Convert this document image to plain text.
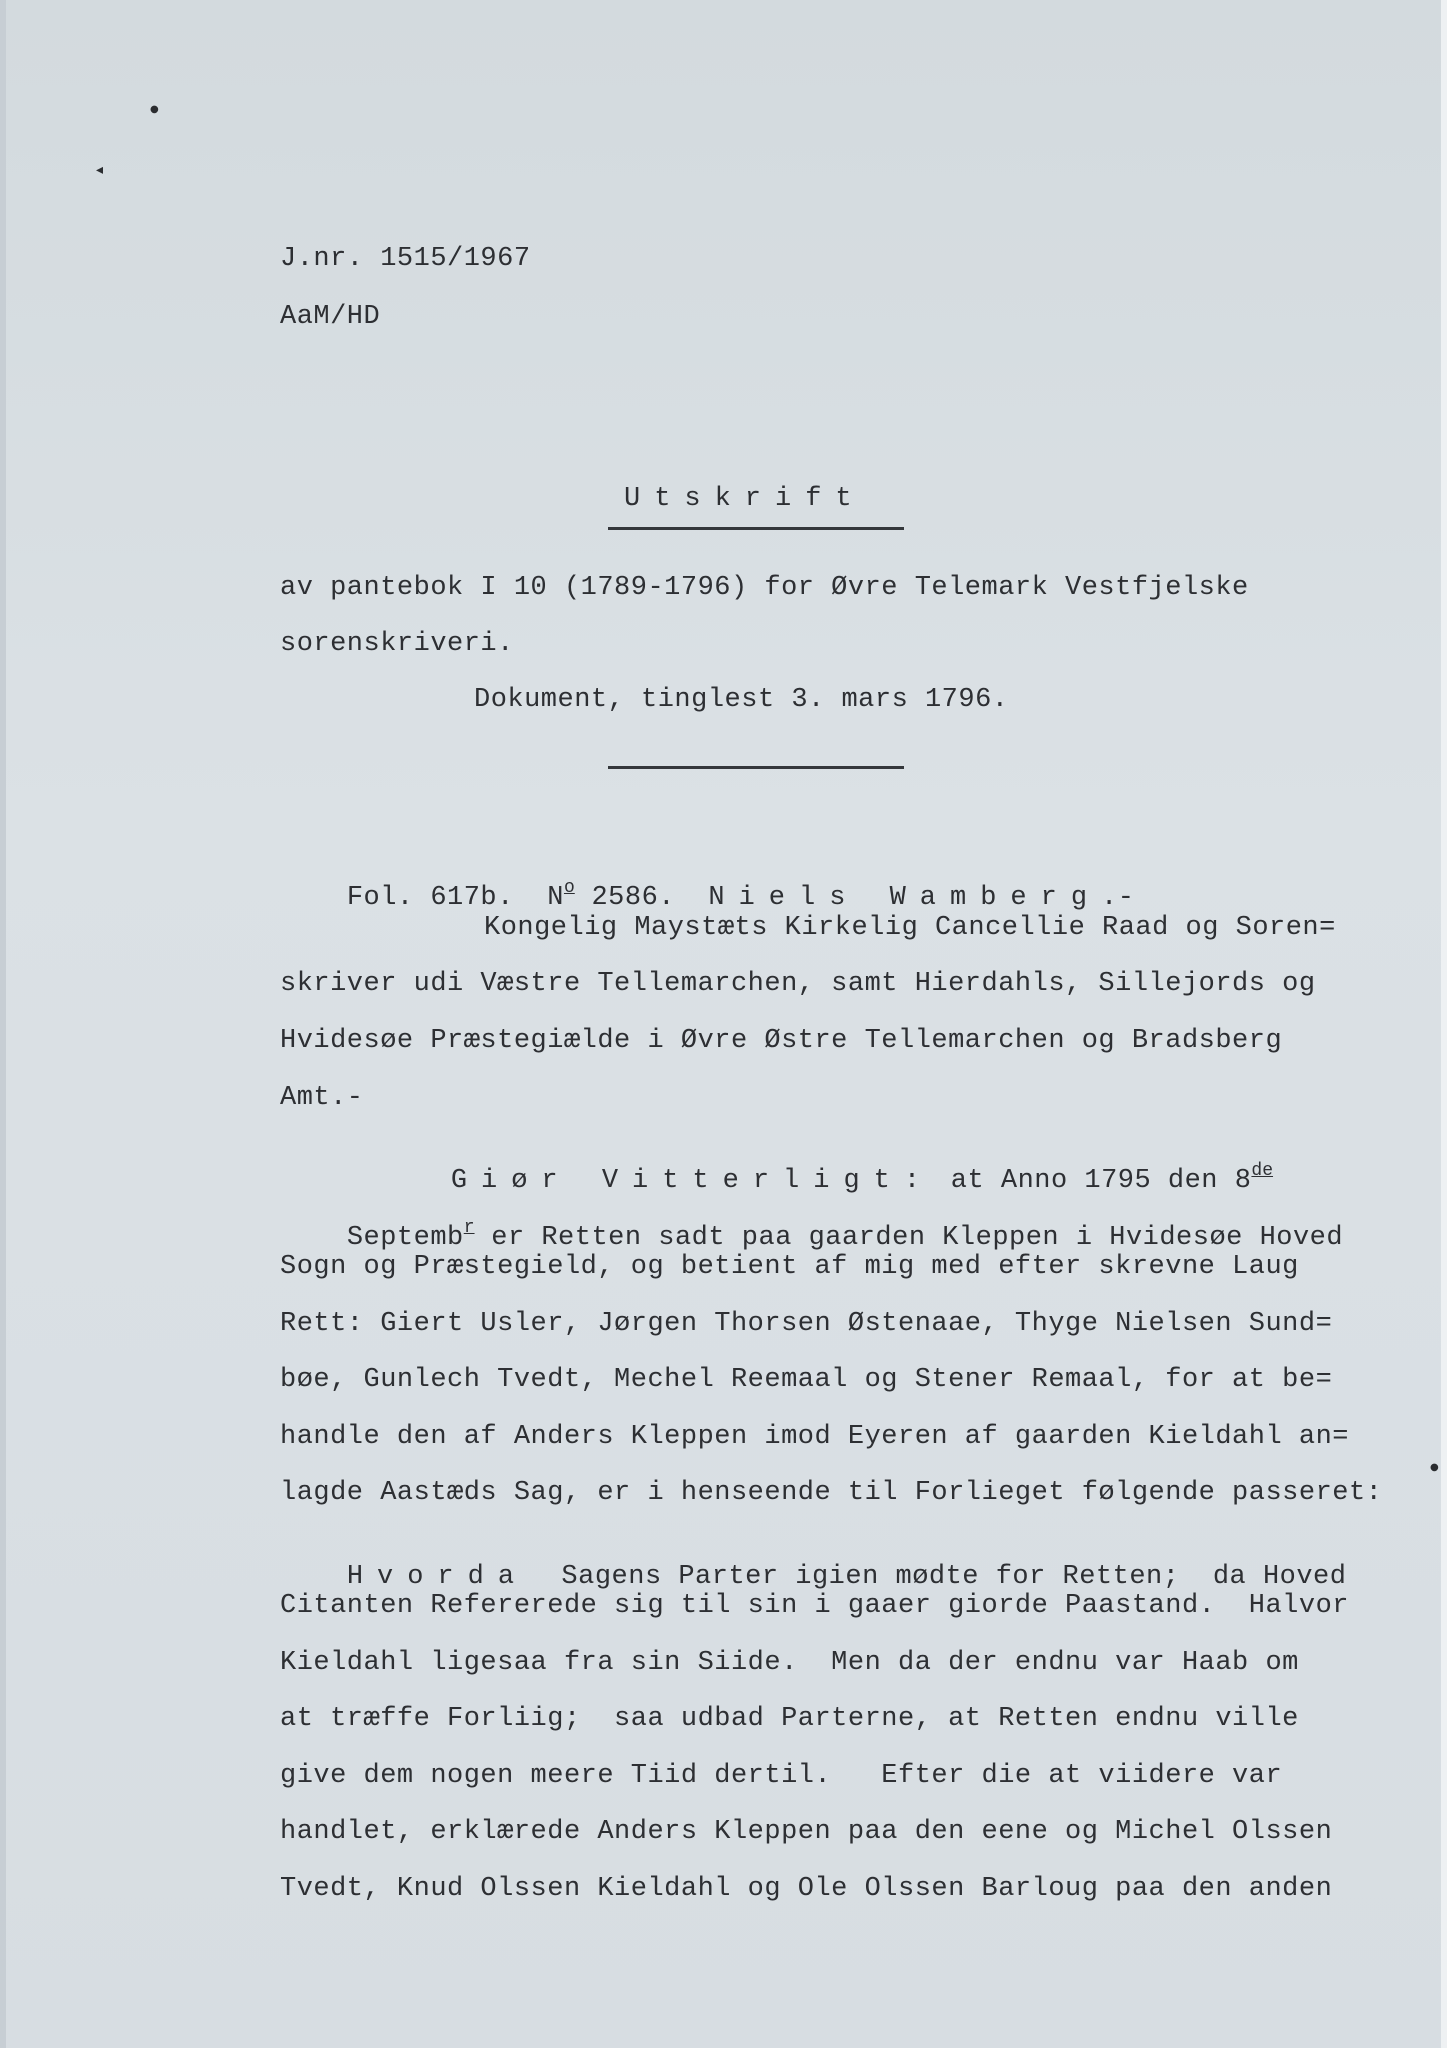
●
◂
●
J.nr. 1515/1967
AaM/HD
Utskrift
av pantebok I 10 (1789-1796) for Øvre Telemark Vestfjelske
sorenskriveri.
Dokument, tinglest 3. mars 1796.

Fol. 617b. $N^o$ 2586. Niels Wamberg.-

Kongelig Maystæts Kirkelig Cancellie Raad og Soren=
skriver udi Væstre Tellemarchen, samt Hierdahls, Sillejords og
Hvidesøe Præstegiælde i Øvre Østre Tellemarchen og Bradsberg
Amt.-

Giør Vitterligt: at Anno 1795 den 8de

Septemb$^r$ er Retten sadt paa gaarden Kleppen i Hvidesøe Hoved

Sogn og Præstegield, og betient af mig med efter skrevne Laug
Rett: Giert Usler, Jørgen Thorsen Østenaae, Thyge Nielsen Sund=
bøe, Gunlech Tvedt, Mechel Reemaal og Stener Remaal, for at be=
handle den af Anders Kleppen imod Eyeren af gaarden Kieldahl an=
lagde Aastæds Sag, er i henseende til Forlieget følgende passeret:

Hvorda  Sagens Parter igien mødte for Retten;  da Hoved

Citanten Refererede sig til sin i gaaer giorde Paastand.  Halvor
Kieldahl ligesaa fra sin Siide.  Men da der endnu var Haab om
at træffe Forliig;  saa udbad Parterne, at Retten endnu ville
give dem nogen meere Tiid dertil.   Efter die at viidere var
handlet, erklærede Anders Kleppen paa den eene og Michel Olssen
Tvedt, Knud Olssen Kieldahl og Ole Olssen Barloug paa den anden
